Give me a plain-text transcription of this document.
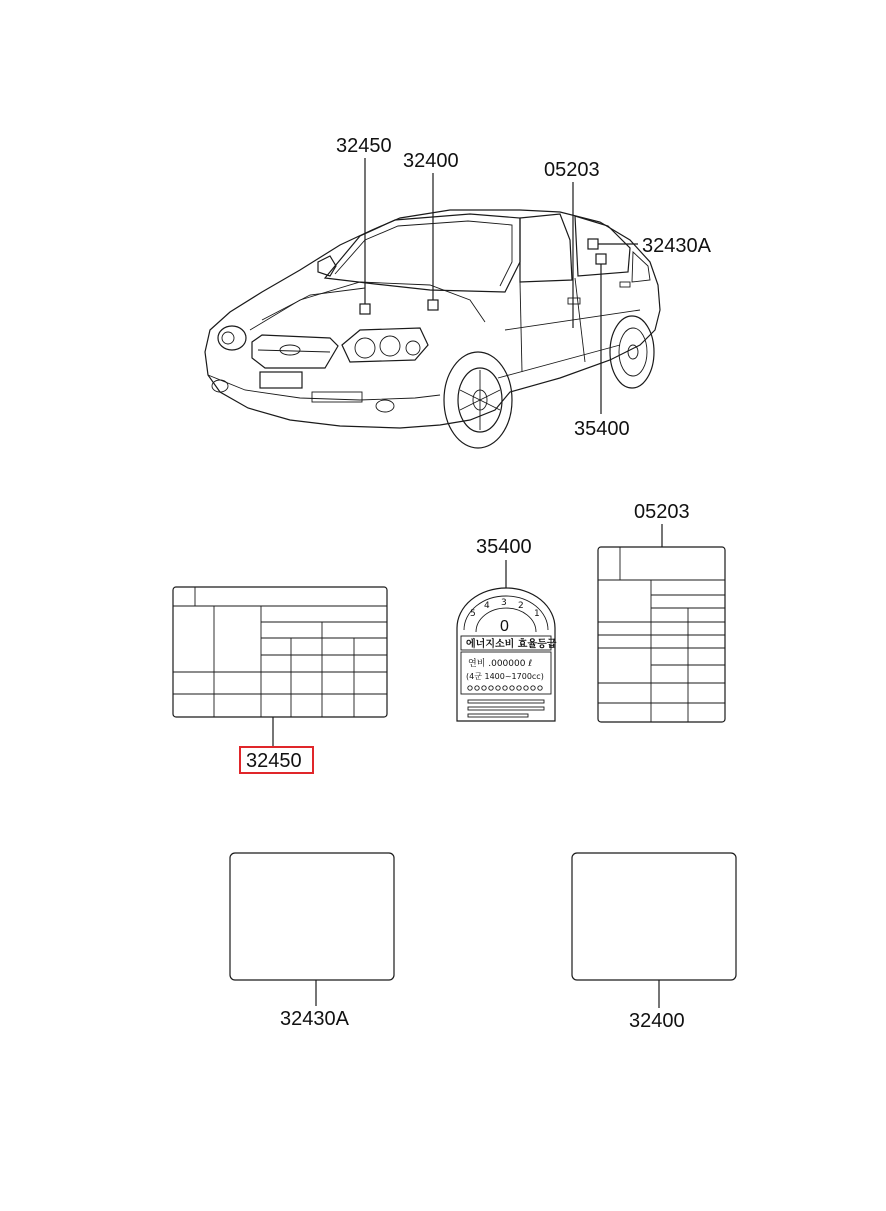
32450
32400	05203
32430A
35400
32450
35400
5
4 3 2
1
0
에너지소비 효율등급
연비 .000000 ℓ
(4군 1400~1700cc)
05203
32430A	32400
